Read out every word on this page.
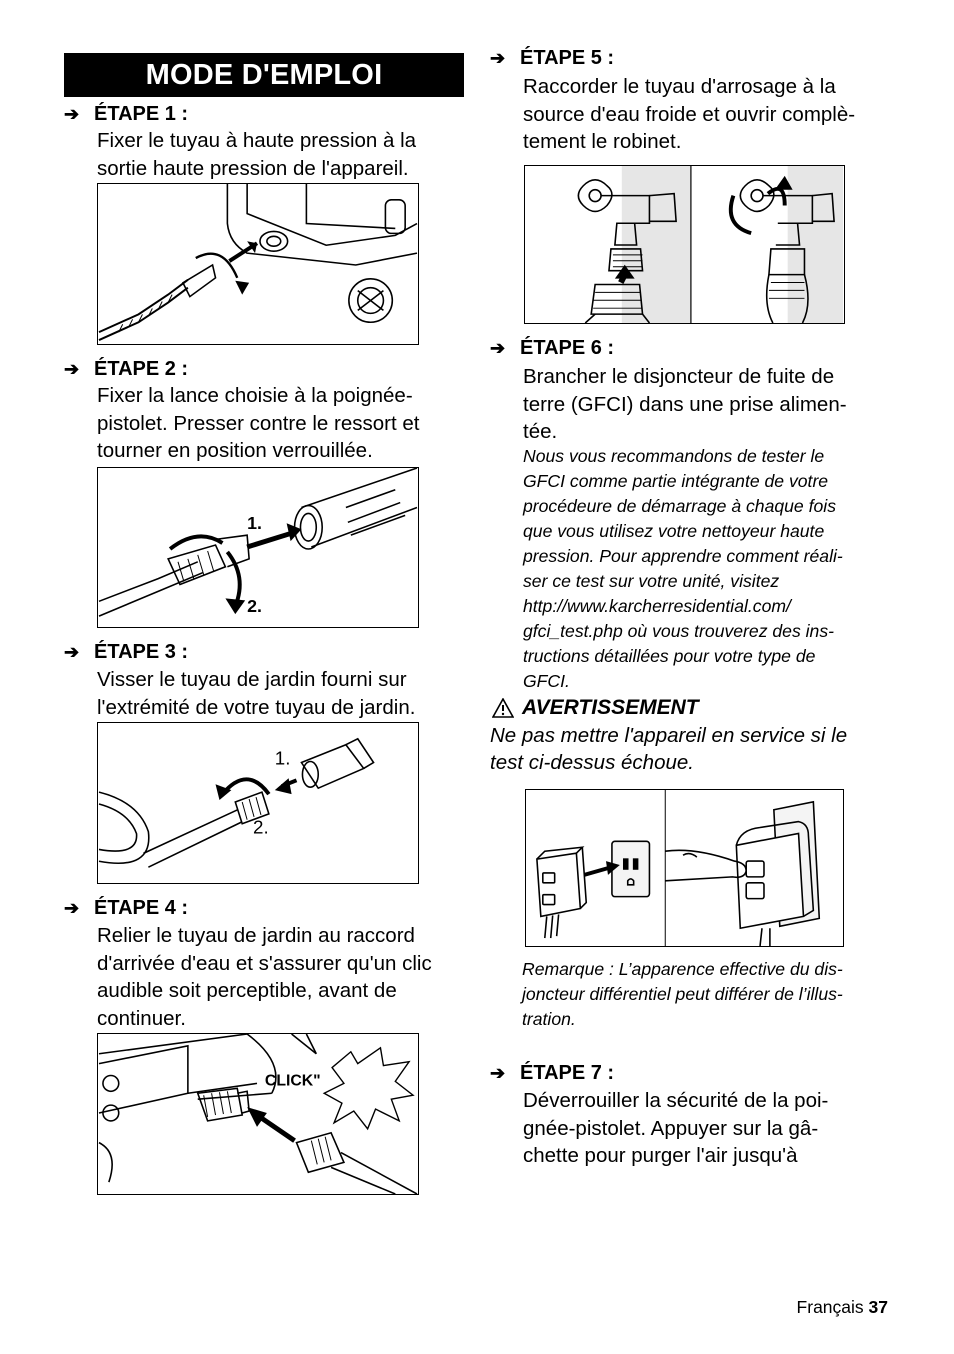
MODE D'EMPLOI
➔ ÉTAPE 1 :
Fixer le tuyau à haute pression à la
sortie haute pression de l'appareil.
➔ ÉTAPE 2 :
Fixer la lance choisie à la poignée-
pistolet. Presser contre le ressort et
tourner en position verrouillée.
1.
2.
➔ ÉTAPE 3 :
Visser le tuyau de jardin fourni sur
l'extrémité de votre tuyau de jardin.
1.
2.
➔ ÉTAPE 4 :
Relier le tuyau de jardin au raccord
d'arrivée d'eau et s'assurer qu'un clic
audible soit perceptible, avant de
continuer.
CLICK"
➔ ÉTAPE 5 :
Raccorder le tuyau d'arrosage à la
source d'eau froide et ouvrir complè-
tement le robinet.
➔ ÉTAPE 6 :
Brancher le disjoncteur de fuite de
terre (GFCI) dans une prise alimen-
tée.
Nous vous recommandons de tester le
GFCI comme partie intégrante de votre
procédeure de démarrage à chaque fois
que vous utilisez votre nettoyeur haute
pression. Pour apprendre comment réali-
ser ce test sur votre unité, visitez
http://www.karcherresidential.com/
gfci_test.php où vous trouverez des ins-
tructions détaillées pour votre type de
GFCI.
AVERTISSEMENT
Ne pas mettre l'appareil en service si le
test ci-dessus échoue.
Remarque : L’apparence effective du dis-
joncteur différentiel peut différer de l’illus-
tration.
➔ ÉTAPE 7 :
Déverrouiller la sécurité de la poi-
gnée-pistolet. Appuyer sur la gâ-
chette pour purger l'air jusqu'à
Français 37
